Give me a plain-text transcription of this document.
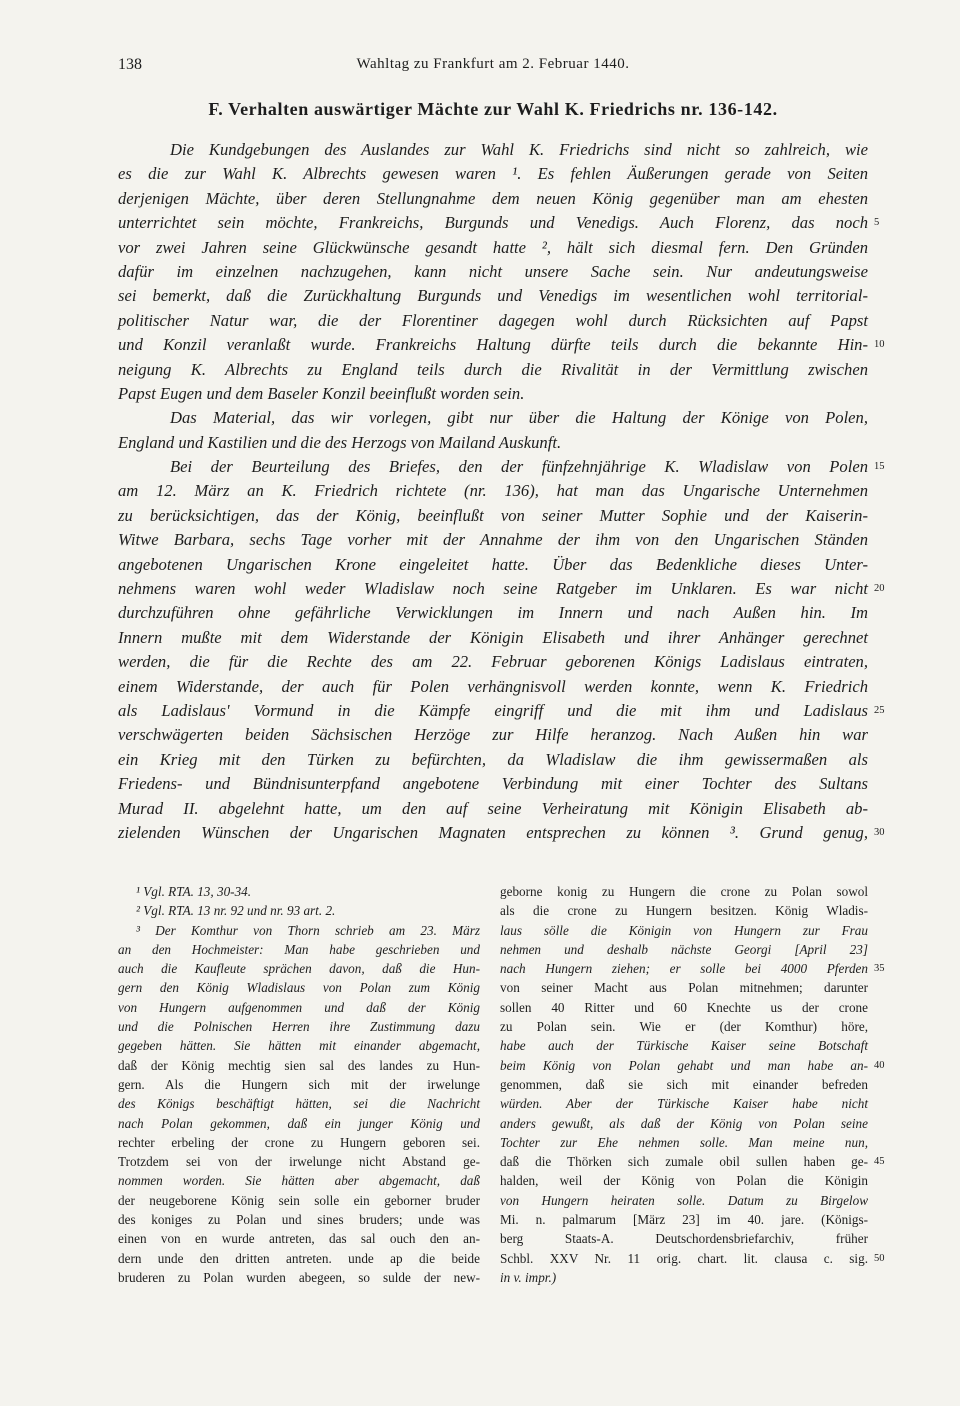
138	Wahltag zu Frankfurt am 2. Februar 1440.
F. Verhalten auswärtiger Mächte zur Wahl K. Friedrichs nr. 136-142.
Die Kundgebungen des Auslandes zur Wahl K. Friedrichs sind nicht so zahlreich, wie
es die zur Wahl K. Albrechts gewesen waren ¹. Es fehlen Äußerungen gerade von Seiten
derjenigen Mächte, über deren Stellungnahme dem neuen König gegenüber man am ehesten
unterrichtet sein möchte, Frankreichs, Burgunds und Venedigs. Auch Florenz, das noch 5
vor zwei Jahren seine Glückwünsche gesandt hatte ², hält sich diesmal fern. Den Gründen
dafür im einzelnen nachzugehen, kann nicht unsere Sache sein. Nur andeutungsweise
sei bemerkt, daß die Zurückhaltung Burgunds und Venedigs im wesentlichen wohl territorial-
politischer Natur war, die der Florentiner dagegen wohl durch Rücksichten auf Papst
und Konzil veranlaßt wurde. Frankreichs Haltung dürfte teils durch die bekannte Hin- 10
neigung K. Albrechts zu England teils durch die Rivalität in der Vermittlung zwischen
Papst Eugen und dem Baseler Konzil beeinflußt worden sein.
Das Material, das wir vorlegen, gibt nur über die Haltung der Könige von Polen,
England und Kastilien und die des Herzogs von Mailand Auskunft.
Bei der Beurteilung des Briefes, den der fünfzehnjährige K. Wladislaw von Polen 15
am 12. März an K. Friedrich richtete (nr. 136), hat man das Ungarische Unternehmen
zu berücksichtigen, das der König, beeinflußt von seiner Mutter Sophie und der Kaiserin-
Witwe Barbara, sechs Tage vorher mit der Annahme der ihm von den Ungarischen Ständen
angebotenen Ungarischen Krone eingeleitet hatte. Über das Bedenkliche dieses Unter-
nehmens waren wohl weder Wladislaw noch seine Ratgeber im Unklaren. Es war nicht 20
durchzuführen ohne gefährliche Verwicklungen im Innern und nach Außen hin. Im
Innern mußte mit dem Widerstande der Königin Elisabeth und ihrer Anhänger gerechnet
werden, die für die Rechte des am 22. Februar geborenen Königs Ladislaus eintraten,
einem Widerstande, der auch für Polen verhängnisvoll werden konnte, wenn K. Friedrich
als Ladislaus' Vormund in die Kämpfe eingriff und die mit ihm und Ladislaus 25
verschwägerten beiden Sächsischen Herzöge zur Hilfe heranzog. Nach Außen hin war
ein Krieg mit den Türken zu befürchten, da Wladislaw die ihm gewissermaßen als
Friedens- und Bündnisunterpfand angebotene Verbindung mit einer Tochter des Sultans
Murad II. abgelehnt hatte, um den auf seine Verheiratung mit Königin Elisabeth ab-
zielenden Wünschen der Ungarischen Magnaten entsprechen zu können ³. Grund genug, 30
¹ Vgl. RTA. 13, 30-34.
² Vgl. RTA. 13 nr. 92 und nr. 93 art. 2.
³ Der Komthur von Thorn schrieb am 23. März
an den Hochmeister: Man habe geschrieben und
auch die Kaufleute sprächen davon, daß die Hun-
gern den König Wladislaus von Polan zum König
von Hungern aufgenommen und daß der König
und die Polnischen Herren ihre Zustimmung dazu
gegeben hätten. Sie hätten mit einander abgemacht,
daß der König mechtig sien sal des landes zu Hun-
gern. Als die Hungern sich mit der irwelunge
des Königs beschäftigt hätten, sei die Nachricht
nach Polan gekommen, daß ein junger König und
rechter erbeling der crone zu Hungern geboren sei.
Trotzdem sei von der irwelunge nicht Abstand ge-
nommen worden. Sie hätten aber abgemacht, daß
der neugeborene König sein solle ein geborner bruder
des koniges zu Polan und sines bruders; unde was
einen von en wurde antreten, das sal ouch den an-
dern unde den dritten antreten. unde ap die beide
bruderen zu Polan wurden abegeen, so sulde der new-
geborne konig zu Hungern die crone zu Polan sowol
als die crone zu Hungern besitzen. König Wladis-
laus sölle die Königin von Hungern zur Frau
nehmen und deshalb nächste Georgi [April 23]
nach Hungern ziehen; er solle bei 4000 Pferden 35
von seiner Macht aus Polan mitnehmen; darunter
sollen 40 Ritter und 60 Knechte us der crone
zu Polan sein. Wie er (der Komthur) höre,
habe auch der Türkische Kaiser seine Botschaft
beim König von Polan gehabt und man habe an- 40
genommen, daß sie sich mit einander befreden
würden. Aber der Türkische Kaiser habe nicht
anders gewußt, als daß der König von Polan seine
Tochter zur Ehe nehmen solle. Man meine nun,
daß die Thörken sich zumale obil sullen haben ge- 45
halden, weil der König von Polan die Königin
von Hungern heiraten solle. Datum zu Birgelow
Mi. n. palmarum [März 23] im 40. jare. (Königs-
berg Staats-A. Deutschordensbriefarchiv, früher
Schbl. XXV Nr. 11 orig. chart. lit. clausa c. sig. 50
in v. impr.)
